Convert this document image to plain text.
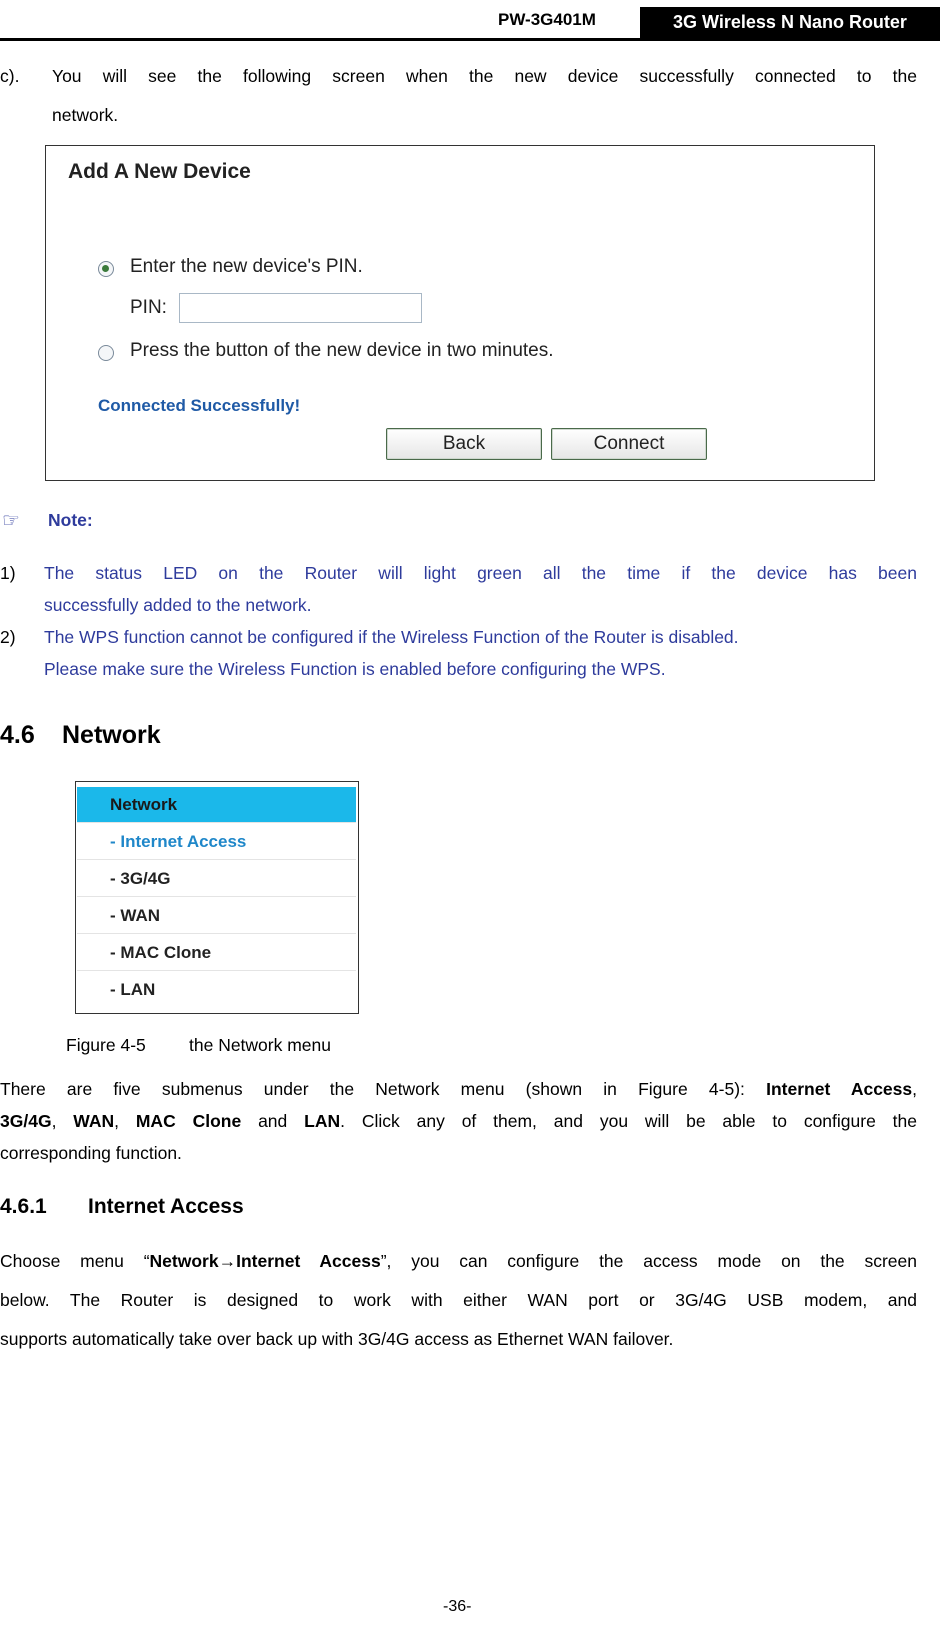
PW-3G401M	3G Wireless N Nano Router
c). You will see the following screen when the new device successfully connected to the
network.
Add A New Device
Enter the new device's PIN.
PIN:
Press the button of the new device in two minutes.
Connected Successfully!
Back	Connect
☞ Note:
1) The status LED on the Router will light green all the time if the device has been
successfully added to the network.
2) The WPS function cannot be configured if the Wireless Function of the Router is disabled.
Please make sure the Wireless Function is enabled before configuring the WPS.
4.6 Network
Network
- Internet Access
- 3G/4G
- WAN
- MAC Clone
- LAN
Figure 4-5 the Network menu
There are five submenus under the Network menu (shown in Figure 4-5): Internet Access,
3G/4G, WAN, MAC Clone and LAN. Click any of them, and you will be able to configure the
corresponding function.
4.6.1 Internet Access
Choose menu “Network→Internet Access”, you can configure the access mode on the screen
below. The Router is designed to work with either WAN port or 3G/4G USB modem, and
supports automatically take over back up with 3G/4G access as Ethernet WAN failover.
-36-
